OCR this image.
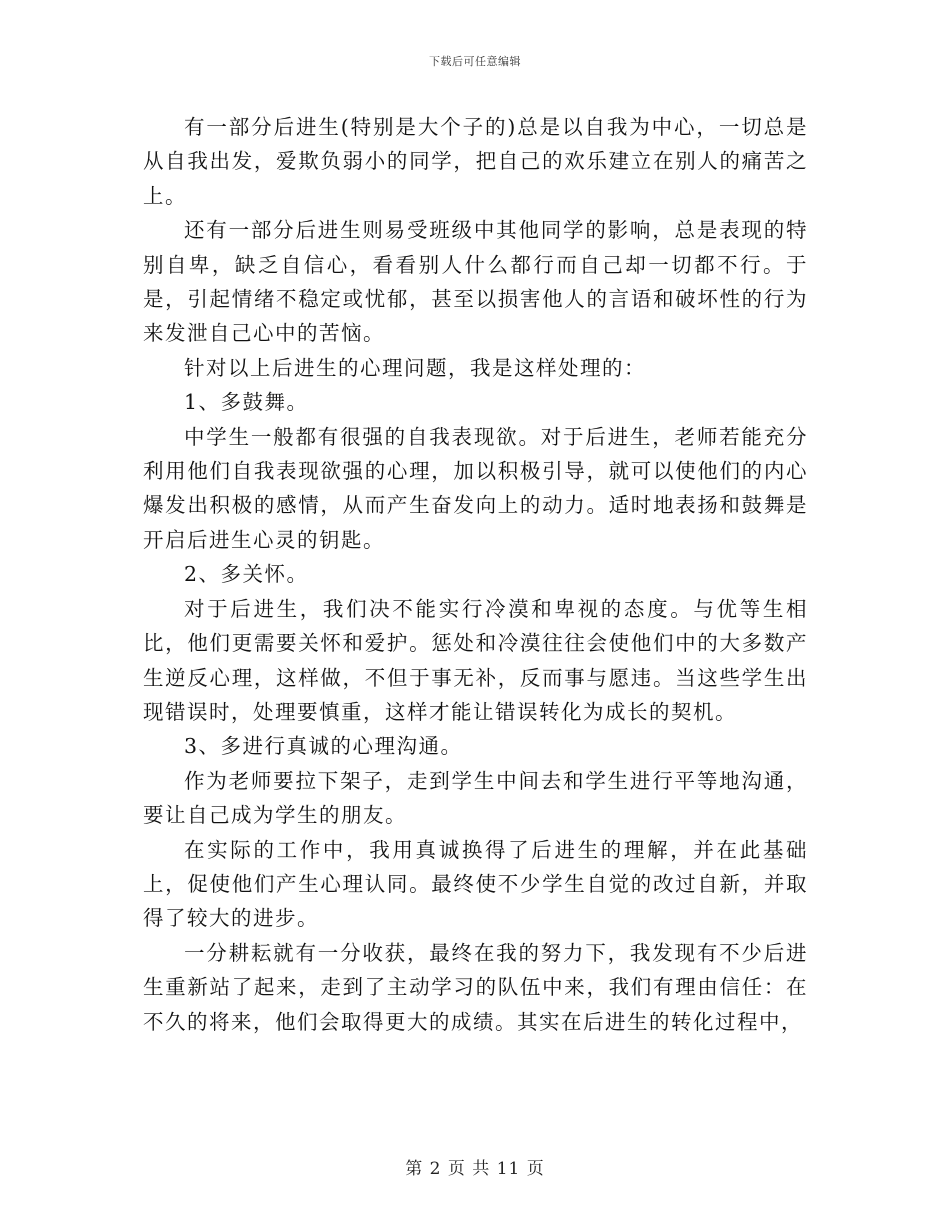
下载后可任意编辑

有一部分后进生(特别是大个子的)总是以自我为中心，一切总是从自我出发，爱欺负弱小的同学，把自己的欢乐建立在别人的痛苦之上。

还有一部分后进生则易受班级中其他同学的影响，总是表现的特别自卑，缺乏自信心，看看别人什么都行而自己却一切都不行。于是，引起情绪不稳定或忧郁，甚至以损害他人的言语和破坏性的行为来发泄自己心中的苦恼。

针对以上后进生的心理问题，我是这样处理的：

1、多鼓舞。

中学生一般都有很强的自我表现欲。对于后进生，老师若能充分利用他们自我表现欲强的心理，加以积极引导，就可以使他们的内心爆发出积极的感情，从而产生奋发向上的动力。适时地表扬和鼓舞是开启后进生心灵的钥匙。

2、多关怀。

对于后进生，我们决不能实行冷漠和卑视的态度。与优等生相比，他们更需要关怀和爱护。惩处和冷漠往往会使他们中的大多数产生逆反心理，这样做，不但于事无补，反而事与愿违。当这些学生出现错误时，处理要慎重，这样才能让错误转化为成长的契机。

3、多进行真诚的心理沟通。

作为老师要拉下架子，走到学生中间去和学生进行平等地沟通，要让自己成为学生的朋友。

在实际的工作中，我用真诚换得了后进生的理解，并在此基础上，促使他们产生心理认同。最终使不少学生自觉的改过自新，并取得了较大的进步。

一分耕耘就有一分收获，最终在我的努力下，我发现有不少后进生重新站了起来，走到了主动学习的队伍中来，我们有理由信任：在不久的将来，他们会取得更大的成绩。其实在后进生的转化过程中，

第 2 页 共 11 页
